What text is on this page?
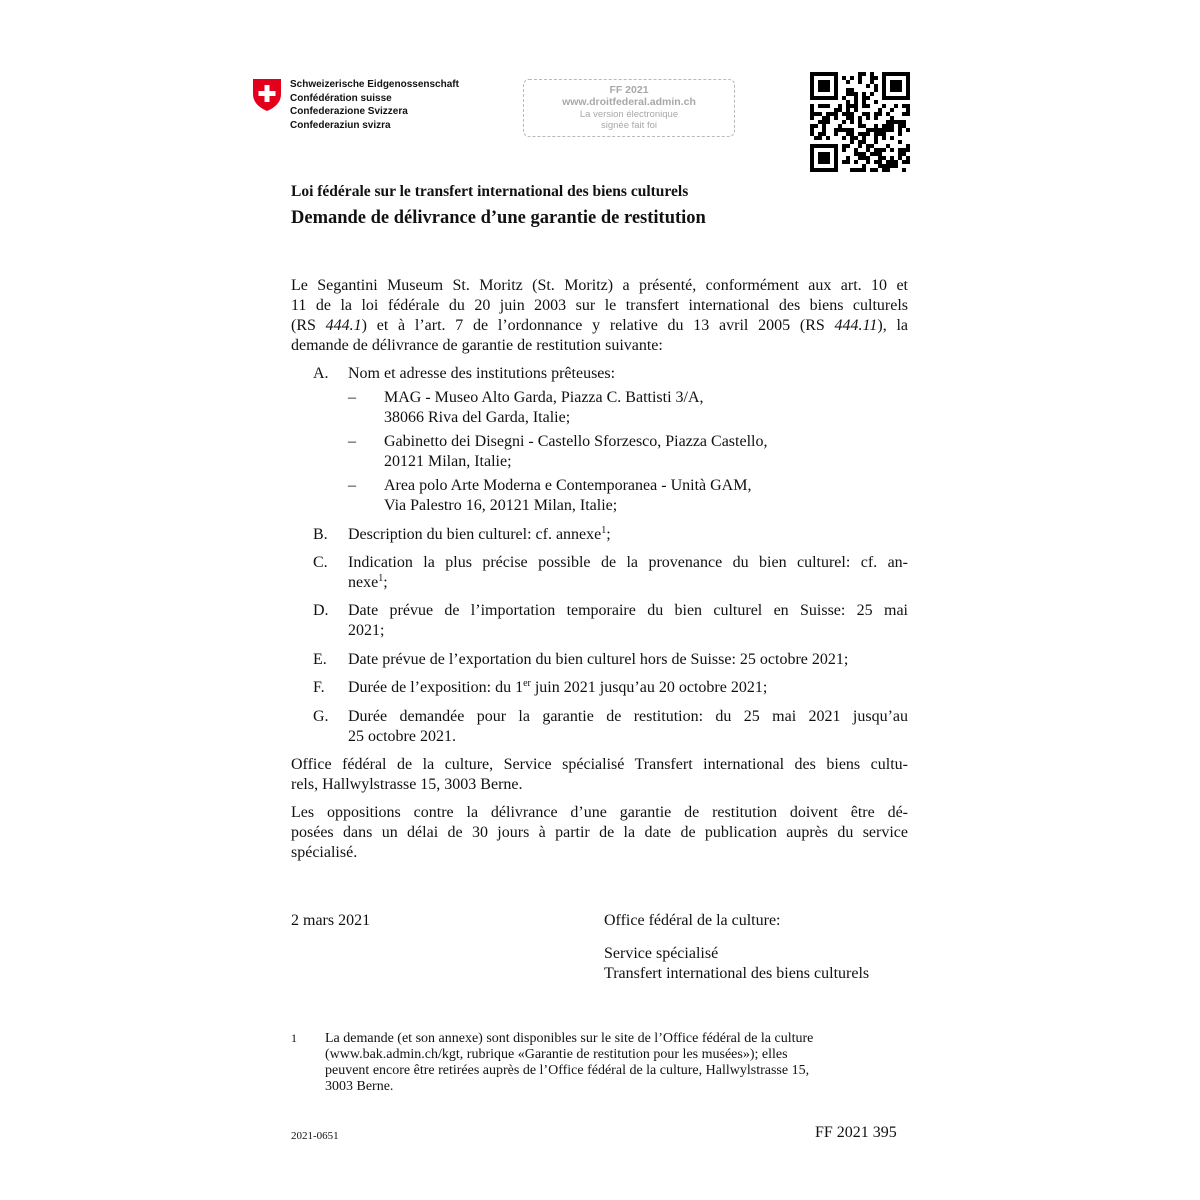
Schweizerische Eidgenossenschaft
Confédération suisse
Confederazione Svizzera
Confederaziun svizra
FF 2021
www.droitfederal.admin.ch
La version électronique
signée fait foi
Loi fédérale sur le transfert international des biens culturels
Demande de délivrance d’une garantie de restitution
Le Segantini Museum St. Moritz (St. Moritz) a présenté, conformément aux art. 10 et
11 de la loi fédérale du 20 juin 2003 sur le transfert international des biens culturels
(RS 444.1) et à l’art. 7 de l’ordonnance y relative du 13 avril 2005 (RS 444.11), la
demande de délivrance de garantie de restitution suivante:
A. Nom et adresse des institutions prêteuses:
– MAG - Museo Alto Garda, Piazza C. Battisti 3/A,
38066 Riva del Garda, Italie;
– Gabinetto dei Disegni - Castello Sforzesco, Piazza Castello,
20121 Milan, Italie;
– Area polo Arte Moderna e Contemporanea - Unità GAM,
Via Palestro 16, 20121 Milan, Italie;
B. Description du bien culturel: cf. annexe$^1$;
C. Indication la plus précise possible de la provenance du bien culturel: cf. an-
nexe$^1$;
D. Date prévue de l’importation temporaire du bien culturel en Suisse: 25 mai
2021;
E. Date prévue de l’exportation du bien culturel hors de Suisse: 25 octobre 2021;
F. Durée de l’exposition: du 1er juin 2021 jusqu’au 20 octobre 2021;
G. Durée demandée pour la garantie de restitution: du 25 mai 2021 jusqu’au
25 octobre 2021.
Office fédéral de la culture, Service spécialisé Transfert international des biens cultu-
rels, Hallwylstrasse 15, 3003 Berne.
Les oppositions contre la délivrance d’une garantie de restitution doivent être dé-
posées dans un délai de 30 jours à partir de la date de publication auprès du service
spécialisé.
2 mars 2021	Office fédéral de la culture:
Service spécialisé
Transfert international des biens culturels
1 La demande (et son annexe) sont disponibles sur le site de l’Office fédéral de la culture
(www.bak.admin.ch/kgt, rubrique «Garantie de restitution pour les musées»); elles
peuvent encore être retirées auprès de l’Office fédéral de la culture, Hallwylstrasse 15,
3003 Berne.
2021-0651	FF 2021 395
